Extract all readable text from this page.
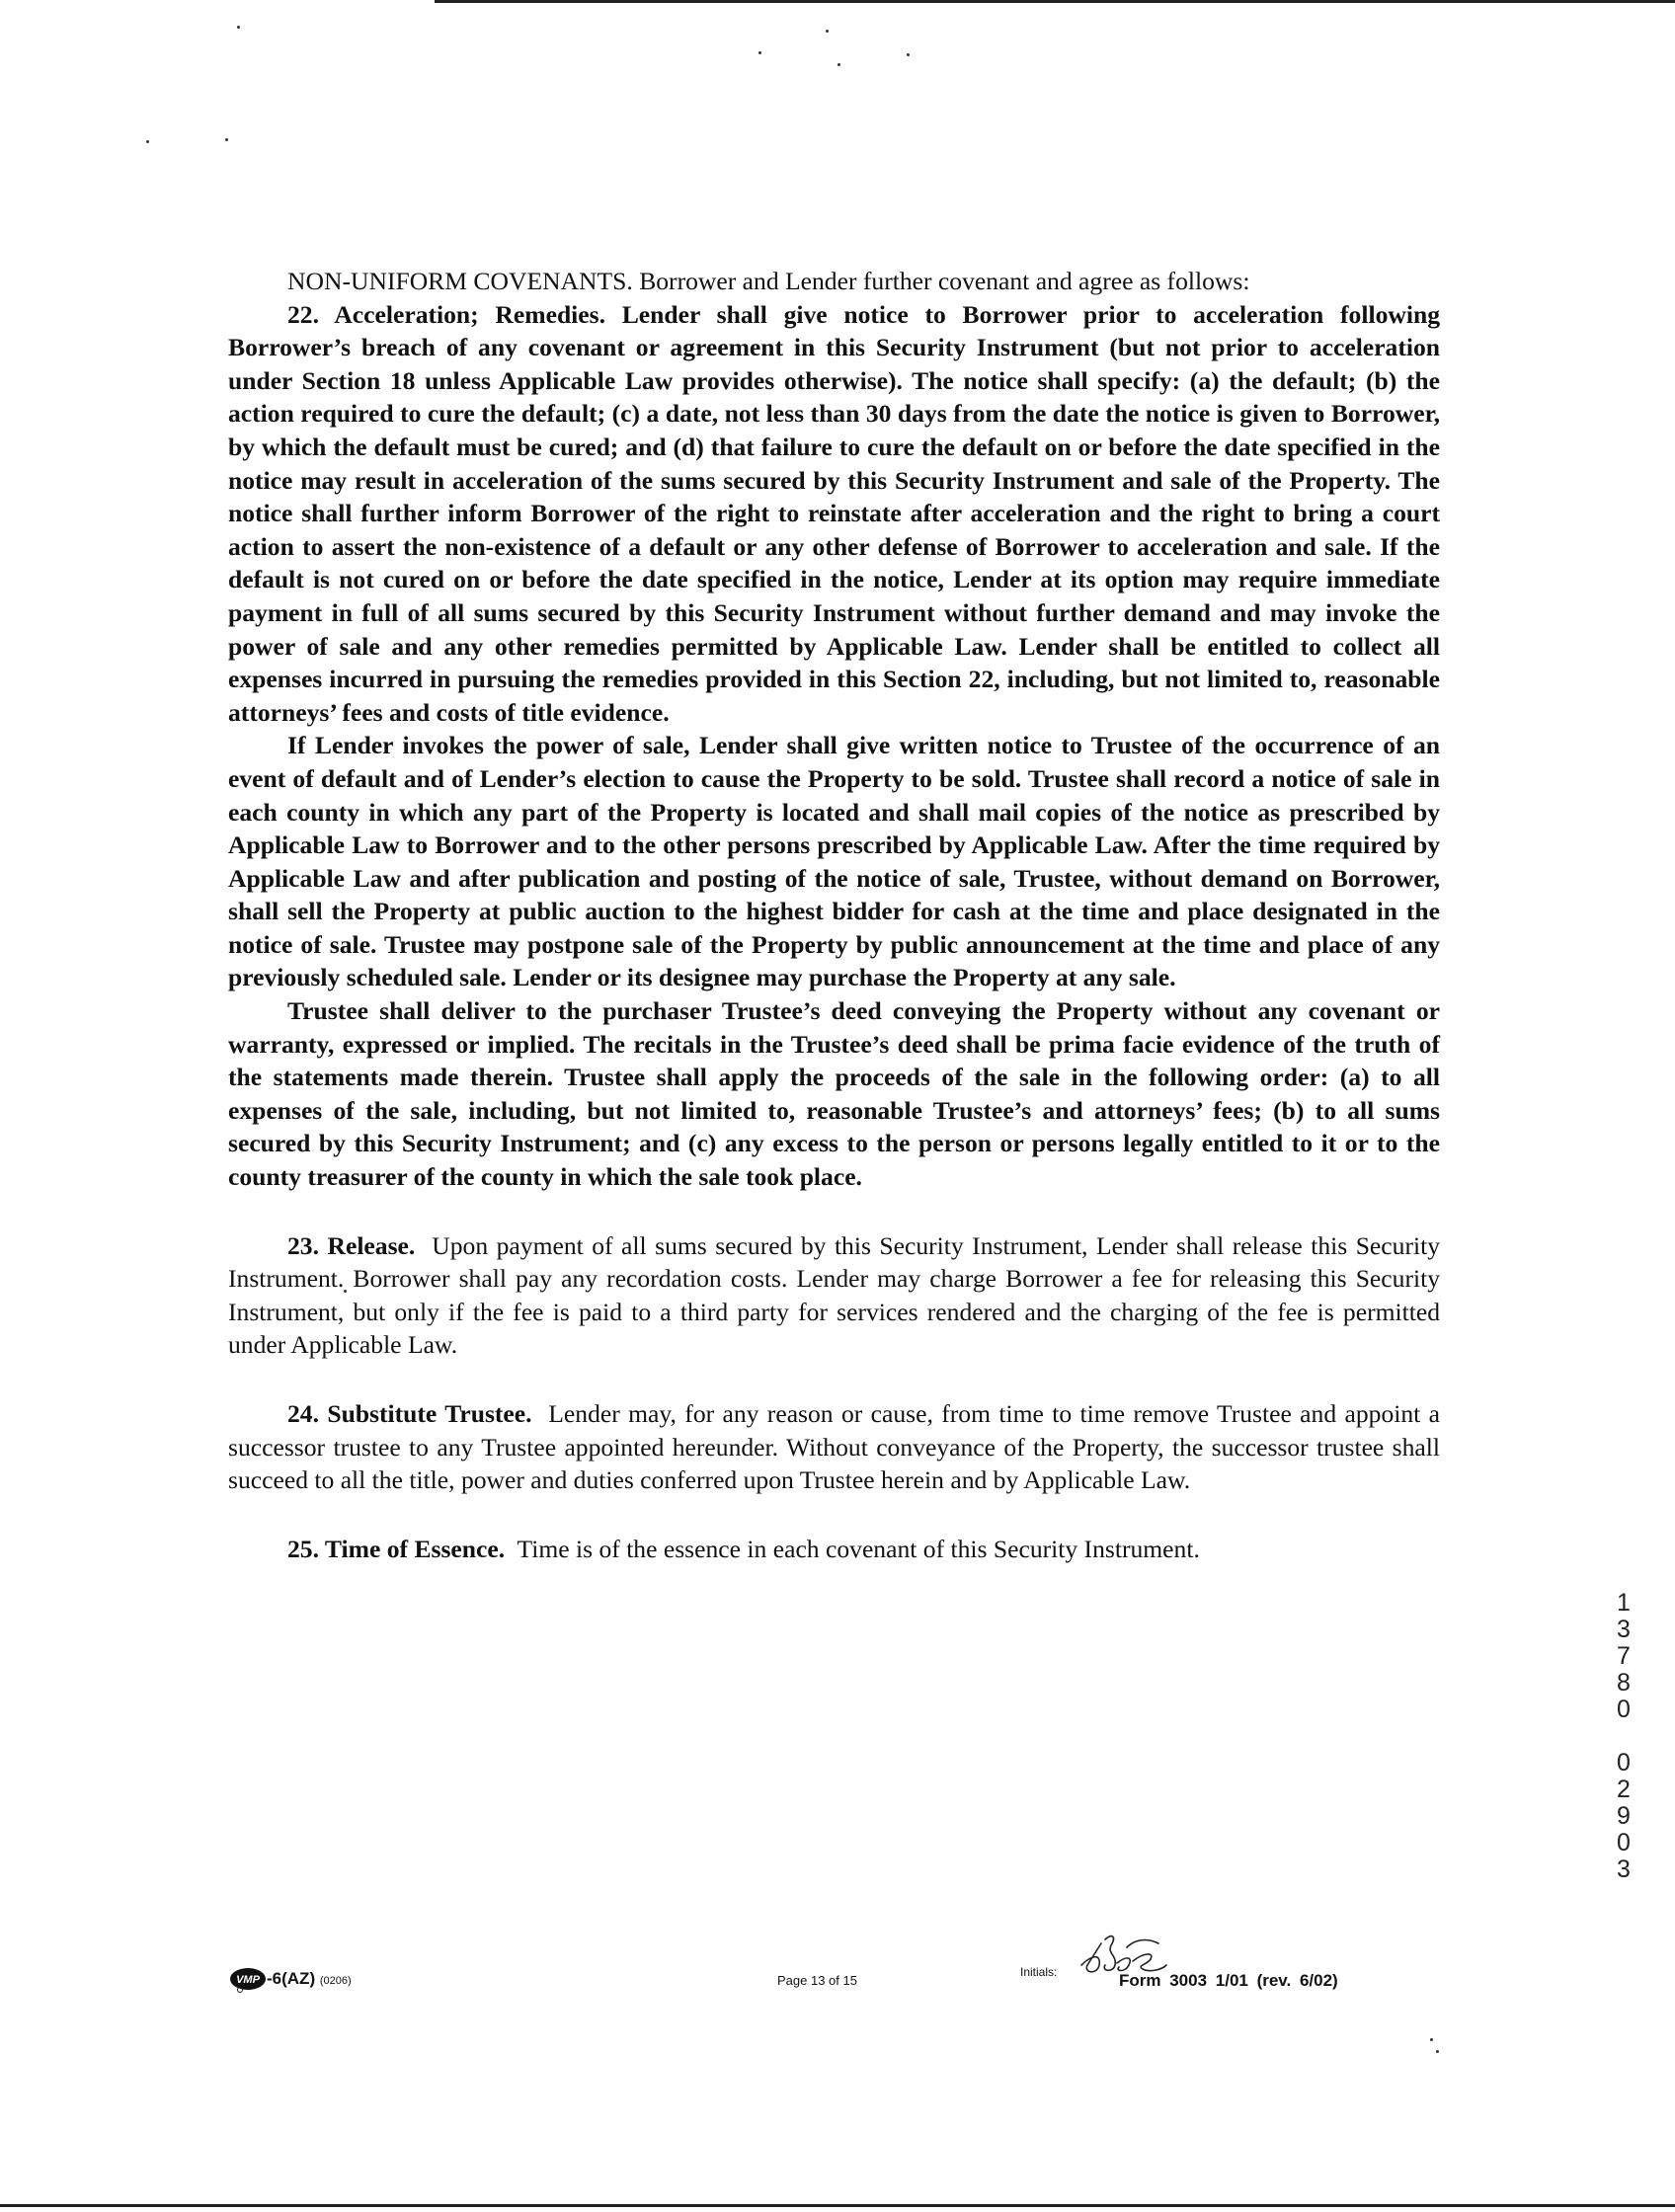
NON-UNIFORM COVENANTS. Borrower and Lender further covenant and agree as follows:

22. Acceleration; Remedies. Lender shall give notice to Borrower prior to acceleration following Borrower’s breach of any covenant or agreement in this Security Instrument (but not prior to acceleration under Section 18 unless Applicable Law provides otherwise). The notice shall specify: (a) the default; (b) the action required to cure the default; (c) a date, not less than 30 days from the date the notice is given to Borrower, by which the default must be cured; and (d) that failure to cure the default on or before the date specified in the notice may result in acceleration of the sums secured by this Security Instrument and sale of the Property. The notice shall further inform Borrower of the right to reinstate after acceleration and the right to bring a court action to assert the non-existence of a default or any other defense of Borrower to acceleration and sale. If the default is not cured on or before the date specified in the notice, Lender at its option may require immediate payment in full of all sums secured by this Security Instrument without further demand and may invoke the power of sale and any other remedies permitted by Applicable Law. Lender shall be entitled to collect all expenses incurred in pursuing the remedies provided in this Section 22, including, but not limited to, reasonable attorneys’ fees and costs of title evidence.

If Lender invokes the power of sale, Lender shall give written notice to Trustee of the occurrence of an event of default and of Lender’s election to cause the Property to be sold. Trustee shall record a notice of sale in each county in which any part of the Property is located and shall mail copies of the notice as prescribed by Applicable Law to Borrower and to the other persons prescribed by Applicable Law. After the time required by Applicable Law and after publication and posting of the notice of sale, Trustee, without demand on Borrower, shall sell the Property at public auction to the highest bidder for cash at the time and place designated in the notice of sale. Trustee may postpone sale of the Property by public announcement at the time and place of any previously scheduled sale. Lender or its designee may purchase the Property at any sale.

Trustee shall deliver to the purchaser Trustee’s deed conveying the Property without any covenant or warranty, expressed or implied. The recitals in the Trustee’s deed shall be prima facie evidence of the truth of the statements made therein. Trustee shall apply the proceeds of the sale in the following order: (a) to all expenses of the sale, including, but not limited to, reasonable Trustee’s and attorneys’ fees; (b) to all sums secured by this Security Instrument; and (c) any excess to the person or persons legally entitled to it or to the county treasurer of the county in which the sale took place.

23. Release. Upon payment of all sums secured by this Security Instrument, Lender shall release this Security Instrument. Borrower shall pay any recordation costs. Lender may charge Borrower a fee for releasing this Security Instrument, but only if the fee is paid to a third party for services rendered and the charging of the fee is permitted under Applicable Law.

24. Substitute Trustee. Lender may, for any reason or cause, from time to time remove Trustee and appoint a successor trustee to any Trustee appointed hereunder. Without conveyance of the Property, the successor trustee shall succeed to all the title, power and duties conferred upon Trustee herein and by Applicable Law.

25. Time of Essence. Time is of the essence in each covenant of this Security Instrument.

VMP -6(AZ) (0206)	Page 13 of 15
Initials:	Form 3003 1/01 (rev. 6/02)
1
3
7
8
0

0
2
9
0
3
